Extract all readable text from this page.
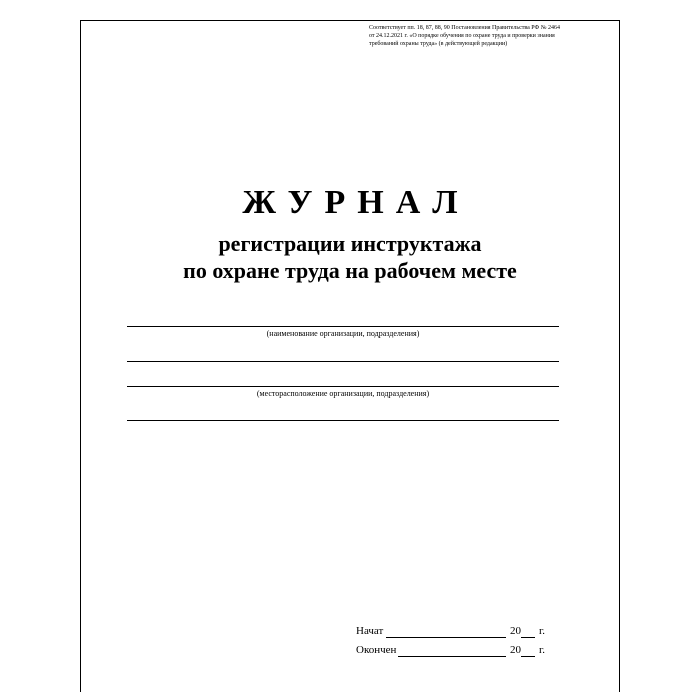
Соответствует пп. 18, 87, 88, 90 Постановления Правительства РФ № 2464
от 24.12.2021 г. «О порядке обучения по охране труда и проверки знания
требований охраны труда» (в действующей редакции)
ЖУРНАЛ
регистрации инструктажа
по охране труда на рабочем месте
(наименование организации, подразделения)
(месторасположение организации, подразделения)
Начат	20 г.
Окончен	20 г.
